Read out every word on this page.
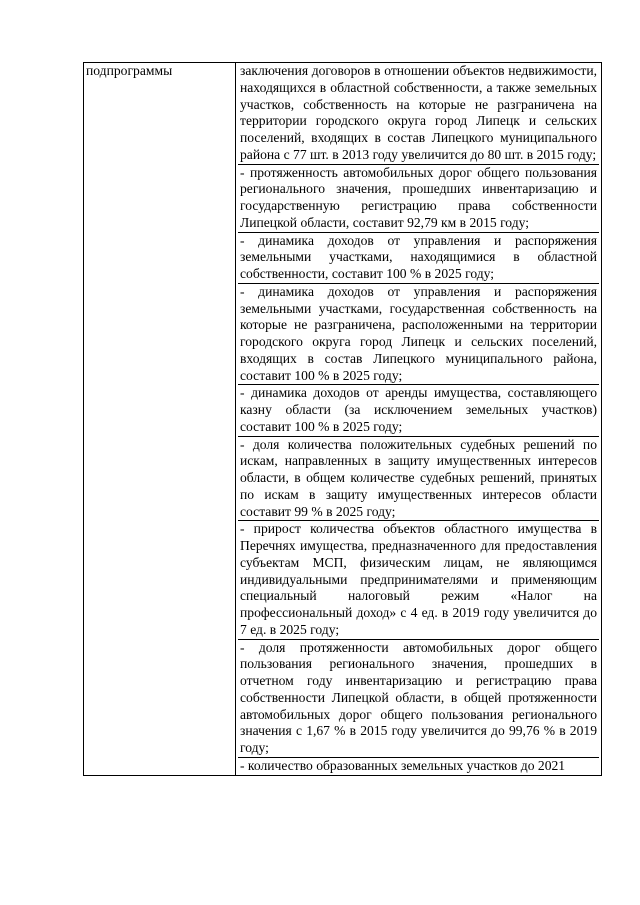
подпрограммы	заключения договоров в отношении объектов недвижимости, находящихся в областной собственности, а также земельных участков, собственность на которые не разграничена на территории городского округа город Липецк и сельских поселений, входящих в состав Липецкого муниципального района с 77 шт. в 2013 году увеличится до 80 шт. в 2015 году;
- протяженность автомобильных дорог общего пользования регионального значения, прошедших инвентаризацию и государственную регистрацию права собственности Липецкой области, составит 92,79 км в 2015 году;
- динамика доходов от управления и распоряжения земельными участками, находящимися в областной собственности, составит 100 % в 2025 году;
- динамика доходов от управления и распоряжения земельными участками, государственная собственность на которые не разграничена, расположенными на территории городского округа город Липецк и сельских поселений, входящих в состав Липецкого муниципального района, составит 100 % в 2025 году;
- динамика доходов от аренды имущества, составляющего казну области (за исключением земельных участков) составит 100 % в 2025 году;
- доля количества положительных судебных решений по искам, направленных в защиту имущественных интересов области, в общем количестве судебных решений, принятых по искам в защиту имущественных интересов области составит 99 % в 2025 году;
- прирост количества объектов областного имущества в Перечнях имущества, предназначенного для предоставления субъектам МСП, физическим лицам, не являющимся индивидуальными предпринимателями и применяющим специальный налоговый режим «Налог на профессиональный доход» с 4 ед. в 2019 году увеличится до 7 ед. в 2025 году;
- доля протяженности автомобильных дорог общего пользования регионального значения, прошедших в отчетном году инвентаризацию и регистрацию права собственности Липецкой области, в общей протяженности автомобильных дорог общего пользования регионального значения с 1,67 % в 2015 году увеличится до 99,76 % в 2019 году;
- количество образованных земельных участков до 2021
